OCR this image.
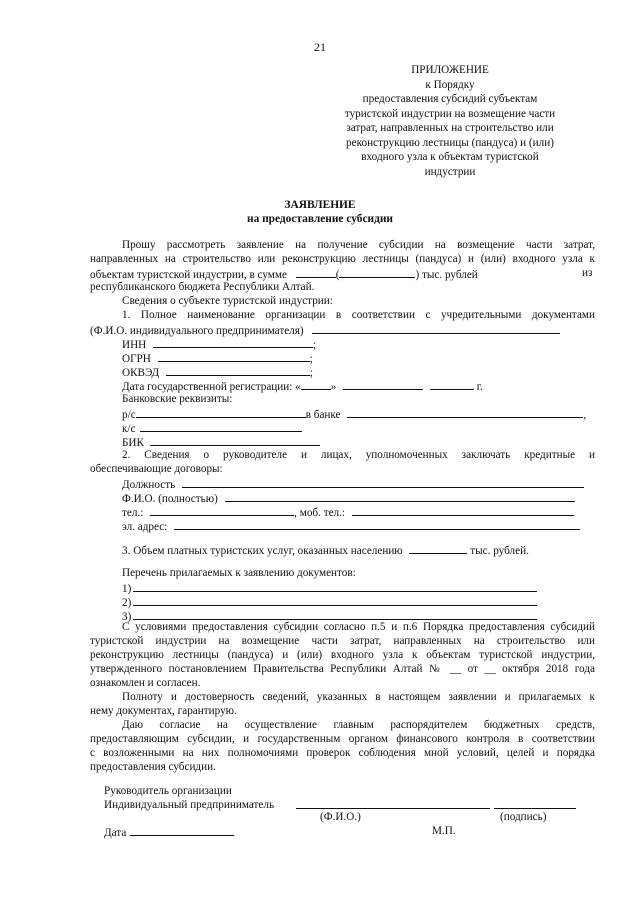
21
ПРИЛОЖЕНИЕ
к Порядку
предоставления субсидий субъектам
туристской индустрии на возмещение части
затрат, направленных на строительство или
реконструкцию лестницы (пандуса) и (или)
входного узла к объектам туристской
индустрии
ЗАЯВЛЕНИЕ
на предоставление субсидии
Прошу рассмотреть заявление на получение субсидии на возмещение части затрат,
направленных на строительство или реконструкцию лестницы (пандуса) и (или) входного узла к
объектам туристской индустрии, в сумме	(	) тыс. рублей	из
республиканского бюджета Республики Алтай.
Сведения о субъекте туристской индустрии:
1. Полное наименование организации в соответствии с учредительными документами
(Ф.И.О. индивидуального предпринимателя)
ИНН	;
ОГРН	;
ОКВЭД	;
Дата государственной регистрации: «	»	г.
Банковские реквизиты:
р/с	в банке	,
к/с
БИК
2. Сведения о руководителе и лицах, уполномоченных заключать кредитные и
обеспечивающие договоры:
Должность
Ф.И.О. (полностью)
тел.:	, моб. тел.:
эл. адрес:
3. Объем платных туристских услуг, оказанных населению	тыс. рублей.
Перечень прилагаемых к заявлению документов:
1)
2)
3)
С условиями предоставления субсидии согласно п.5 и п.6 Порядка предоставления субсидий
туристской индустрии на возмещение части затрат, направленных на строительство или
реконструкцию лестницы (пандуса) и (или) входного узла к объектам туристской индустрии,
утвержденного постановлением Правительства Республики Алтай № __ от __ октября 2018 года
ознакомлен и согласен.
Полноту и достоверность сведений, указанных в настоящем заявлении и прилагаемых к
нему документах, гарантирую.
Даю согласие на осуществление главным распорядителем бюджетных средств,
предоставляющим субсидии, и государственным органом финансового контроля в соответствии
с возложенными на них полномочиями проверок соблюдения мной условий, целей и порядка
предоставления субсидии.
Руководитель организации
Индивидуальный предприниматель
(Ф.И.О.)	(подпись)
Дата	М.П.
